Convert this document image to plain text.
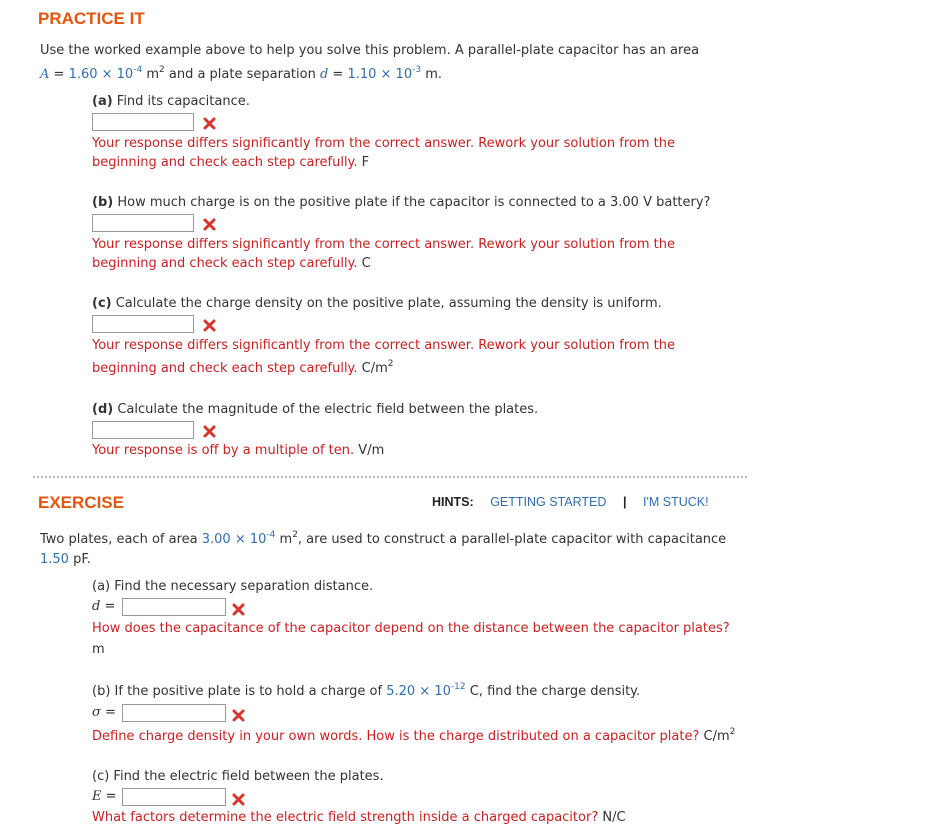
PRACTICE IT
Use the worked example above to help you solve this problem. A parallel-plate capacitor has an area
$A = 1.60 \times 10^{-4}$ $m^2$ and a plate separation $d = 1.10 \times 10^{-3}$ m.
(a) Find its capacitance.
Your response differs significantly from the correct answer. Rework your solution from the
beginning and check each step carefully. F
(b) How much charge is on the positive plate if the capacitor is connected to a 3.00 V battery?
Your response differs significantly from the correct answer. Rework your solution from the
beginning and check each step carefully. C
(c) Calculate the charge density on the positive plate, assuming the density is uniform.
Your response differs significantly from the correct answer. Rework your solution from the
beginning and check each step carefully. $C/m^2$
(d) Calculate the magnitude of the electric field between the plates.
Your response is off by a multiple of ten. V/m
EXERCISE	HINTS: GETTING STARTED | I'M STUCK!
Two plates, each of area $3.00 \times 10^{-4}$ $m^2$, are used to construct a parallel-plate capacitor with capacitance
1.50 pF.
(a) Find the necessary separation distance.
d =
How does the capacitance of the capacitor depend on the distance between the capacitor plates?
m
(b) If the positive plate is to hold a charge of $5.20 \times 10^{-12}$ C, find the charge density.
σ =
Define charge density in your own words. How is the charge distributed on a capacitor plate? $C/m^2$
(c) Find the electric field between the plates.
E =
What factors determine the electric field strength inside a charged capacitor? N/C
